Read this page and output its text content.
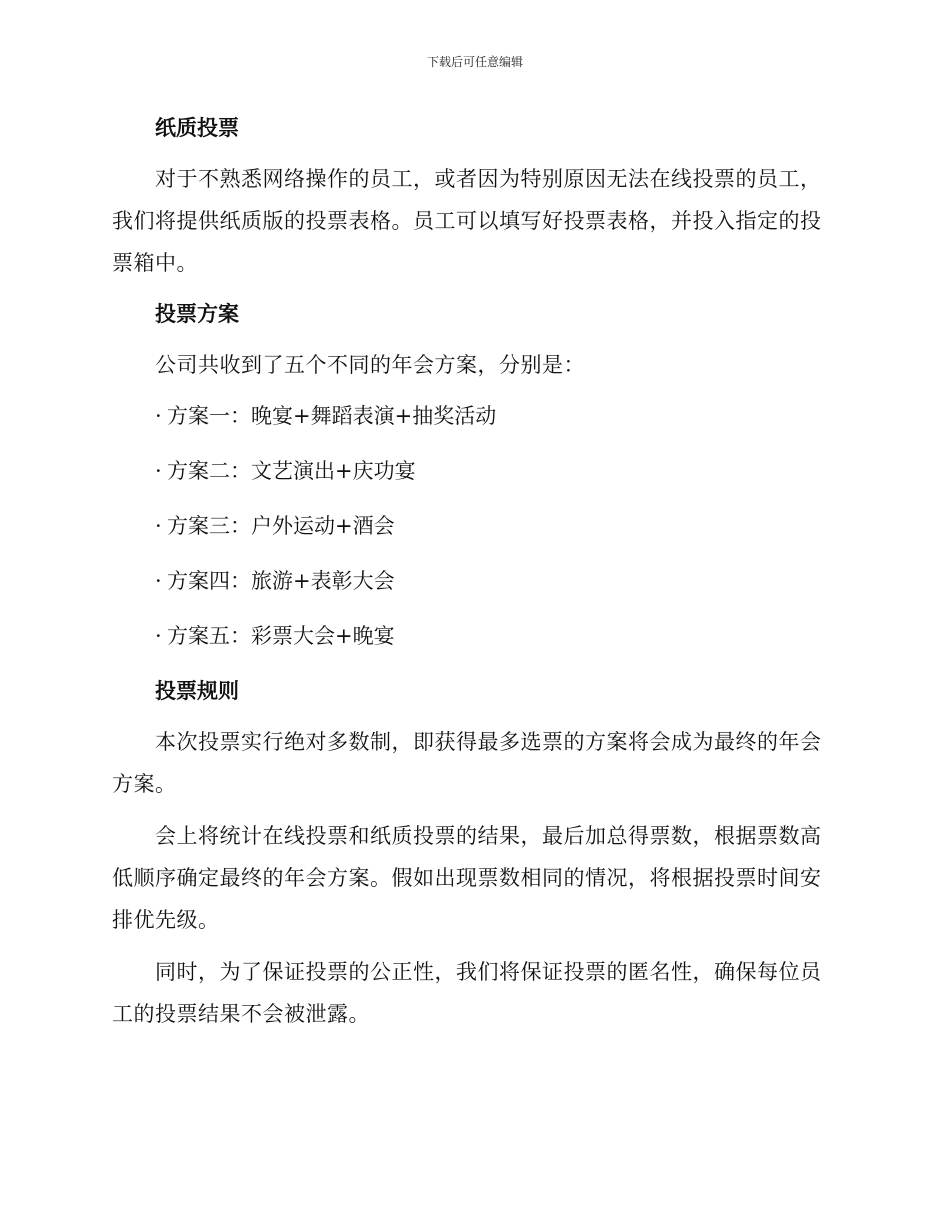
下载后可任意编辑
纸质投票

对于不熟悉网络操作的员工，或者因为特别原因无法在线投票的员工，我们将提供纸质版的投票表格。员工可以填写好投票表格，并投入指定的投票箱中。

投票方案

公司共收到了五个不同的年会方案，分别是：

· 方案一：晚宴+舞蹈表演+抽奖活动
· 方案二：文艺演出+庆功宴
· 方案三：户外运动+酒会
· 方案四：旅游+表彰大会
· 方案五：彩票大会+晚宴
投票规则

本次投票实行绝对多数制，即获得最多选票的方案将会成为最终的年会方案。

会上将统计在线投票和纸质投票的结果，最后加总得票数，根据票数高低顺序确定最终的年会方案。假如出现票数相同的情况，将根据投票时间安排优先级。

同时，为了保证投票的公正性，我们将保证投票的匿名性，确保每位员工的投票结果不会被泄露。
